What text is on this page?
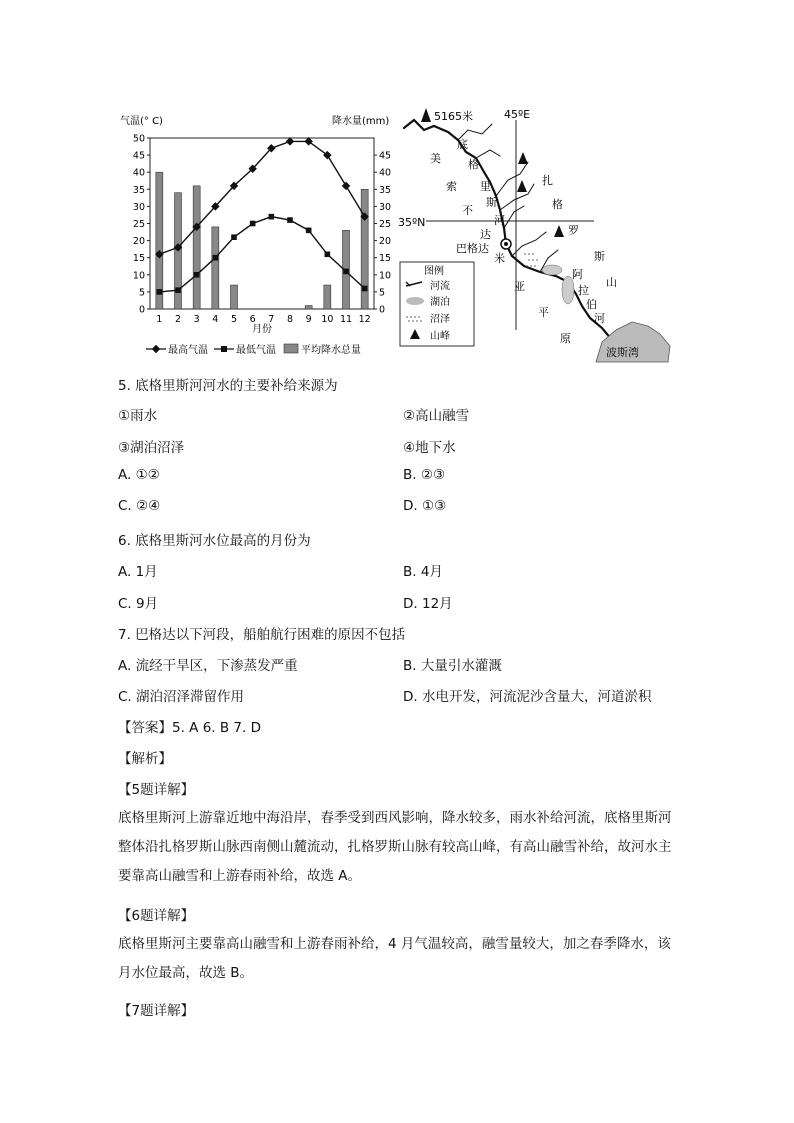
气温(° C)	降水量(mm)
0
5
10
15
20
25
30
35
40
45
50
0
5
10
15
20
25
30
35
40
45
1 2 3 4 5 6 7 8 9 10 11 12
月份
最高气温	最低气温	平均降水总量
45ºE
35ºN
5165米
巴格达
底
格
里
斯
河
美
索
不
达
米
亚
扎
格
罗
斯
山
平
原
阿
拉
伯
河
波斯湾
图例
河流
湖泊
沼泽
山峰
5. 底格里斯河河水的主要补给来源为
①雨水	②高山融雪
③湖泊沼泽	④地下水
A. ①②	B. ②③
C. ②④	D. ①③
6. 底格里斯河水位最高的月份为
A. 1月	B. 4月
C. 9月	D. 12月
7. 巴格达以下河段，船舶航行困难的原因不包括
A. 流经干旱区，下渗蒸发严重	B. 大量引水灌溉
C. 湖泊沼泽滞留作用	D. 水电开发，河流泥沙含量大，河道淤积
【答案】5. A 6. B 7. D
【解析】
【5题详解】
底格里斯河上游靠近地中海沿岸，春季受到西风影响，降水较多，雨水补给河流，底格里斯河整体沿扎格罗斯山脉西南侧山麓流动，扎格罗斯山脉有较高山峰，有高山融雪补给，故河水主要靠高山融雪和上游春雨补给，故选 A。
【6题详解】
底格里斯河主要靠高山融雪和上游春雨补给，4 月气温较高，融雪量较大，加之春季降水，该月水位最高，故选 B。
【7题详解】
